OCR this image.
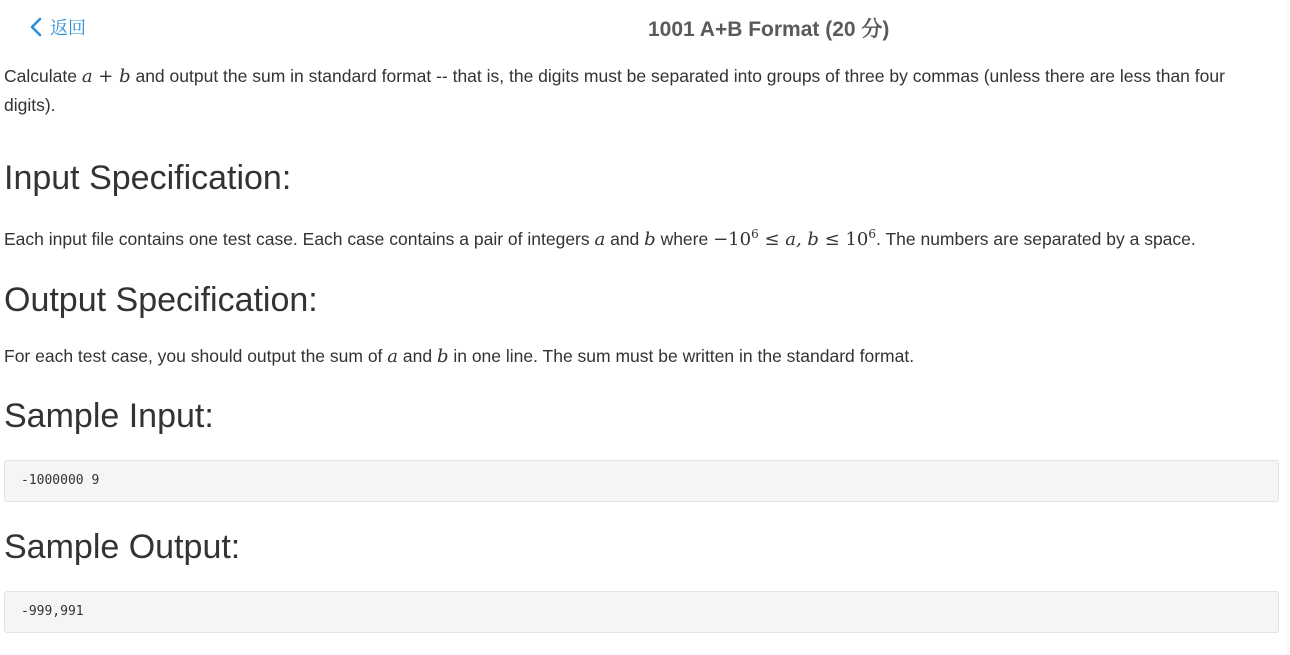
返回	1001 A+B Format (20 分)

Calculate a + b and output the sum in standard format -- that is, the digits must be separated into groups of three by commas (unless there are less than four digits).

Input Specification:

Each input file contains one test case. Each case contains a pair of integers a and b where $-10^6 \le a$, $b \le 10^6$. The numbers are separated by a space.

Output Specification:

For each test case, you should output the sum of a and b in one line. The sum must be written in the standard format.

Sample Input:
-1000000 9
Sample Output:
-999,991
